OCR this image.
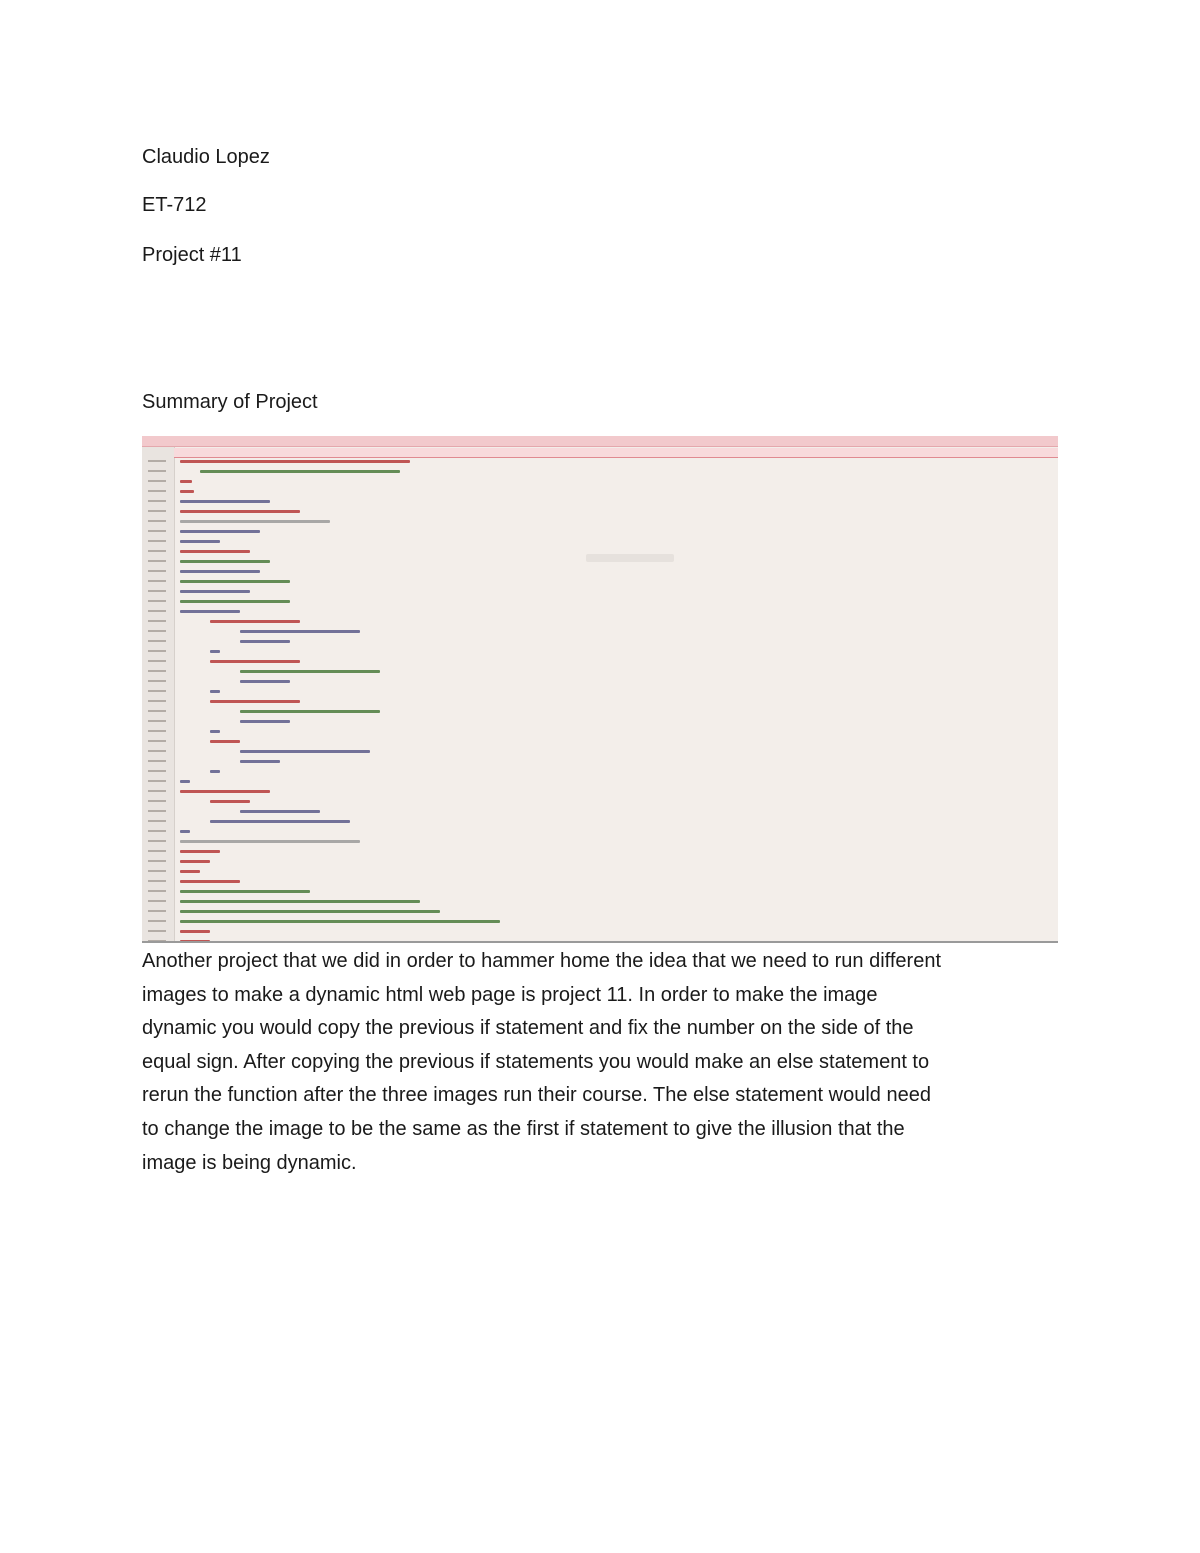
Claudio Lopez
ET-712
Project #11
Summary of Project
Another project that we did in order to hammer home the idea that we need to run different
images to make a dynamic html web page is project 11. In order to make the image
dynamic you would copy the previous if statement and fix the number on the side of the
equal sign. After copying the previous if statements you would make an else statement to
rerun the function after the three images run their course. The else statement would need
to change the image to be the same as the first if statement to give the illusion that the
image is being dynamic.
